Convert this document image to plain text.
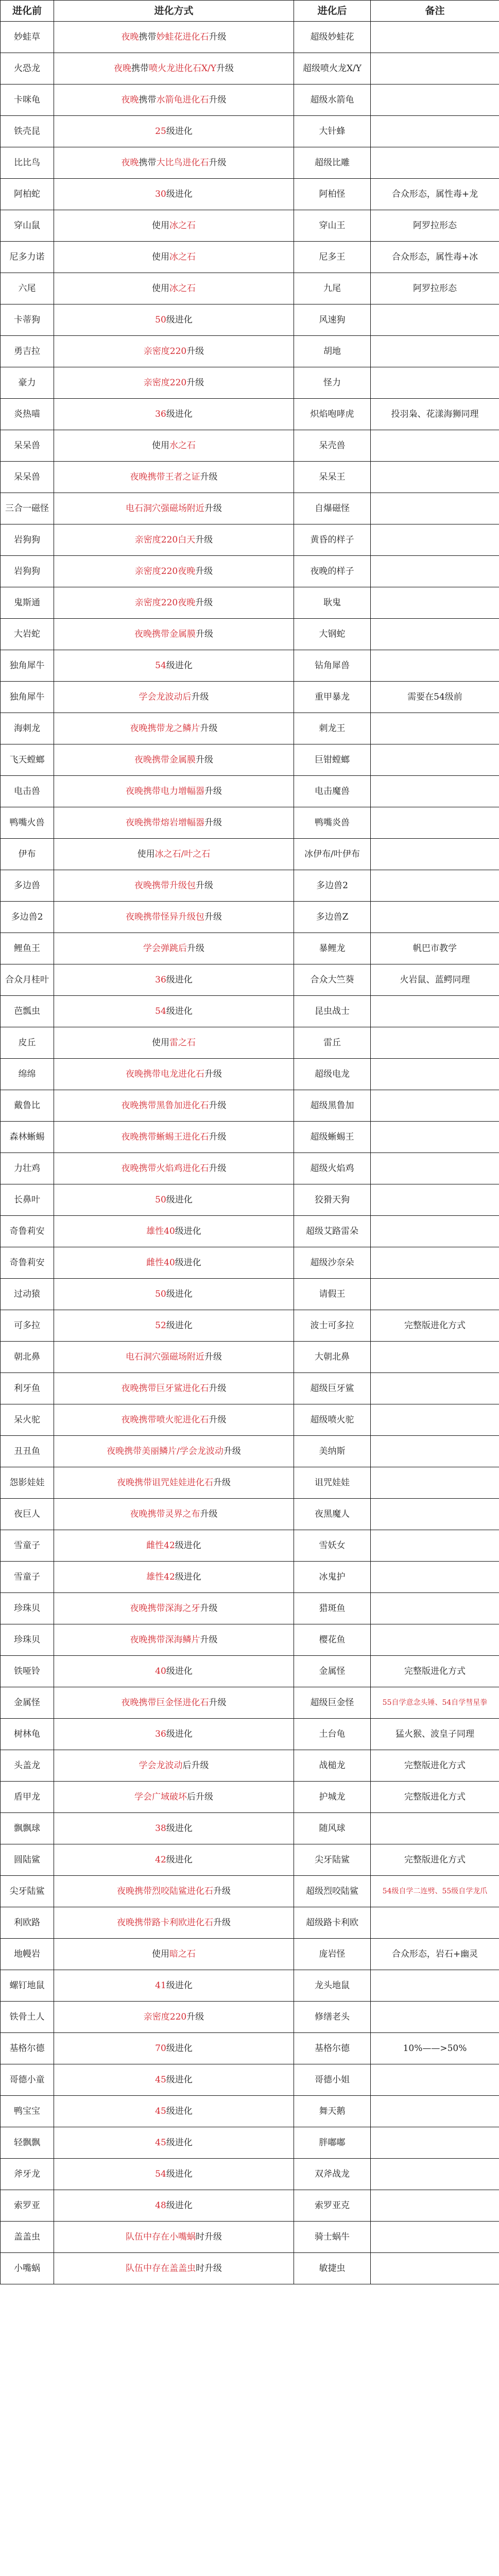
进化前	进化方式	进化后	备注
妙蛙草	夜晚携带妙蛙花进化石升级	超级妙蛙花	
火恐龙	夜晚携带喷火龙进化石X/Y升级	超级喷火龙X/Y	
卡咪龟	夜晚携带水箭龟进化石升级	超级水箭龟	
铁壳昆	25级进化	大针蜂	
比比鸟	夜晚携带大比鸟进化石升级	超级比雕	
阿柏蛇	30级进化	阿柏怪	合众形态，属性毒+龙
穿山鼠	使用冰之石	穿山王	阿罗拉形态
尼多力诺	使用冰之石	尼多王	合众形态，属性毒+冰
六尾	使用冰之石	九尾	阿罗拉形态
卡蒂狗	50级进化	风速狗	
勇吉拉	亲密度220升级	胡地	
豪力	亲密度220升级	怪力	
炎热喵	36级进化	炽焰咆哮虎	投羽枭、花漾海狮同理
呆呆兽	使用水之石	呆壳兽	
呆呆兽	夜晚携带王者之证升级	呆呆王	
三合一磁怪	电石洞穴强磁场附近升级	自爆磁怪	
岩狗狗	亲密度220白天升级	黄昏的样子	
岩狗狗	亲密度220夜晚升级	夜晚的样子	
鬼斯通	亲密度220夜晚升级	耿鬼	
大岩蛇	夜晚携带金属膜升级	大钢蛇	
独角犀牛	54级进化	钻角犀兽	
独角犀牛	学会龙波动后升级	重甲暴龙	需要在54级前
海刺龙	夜晚携带龙之鳞片升级	刺龙王	
飞天螳螂	夜晚携带金属膜升级	巨钳螳螂	
电击兽	夜晚携带电力增幅器升级	电击魔兽	
鸭嘴火兽	夜晚携带熔岩增幅器升级	鸭嘴炎兽	
伊布	使用冰之石/叶之石	冰伊布/叶伊布	
多边兽	夜晚携带升级包升级	多边兽2	
多边兽2	夜晚携带怪异升级包升级	多边兽Z	
鲤鱼王	学会弹跳后升级	暴鲤龙	帆巴市教学
合众月桂叶	36级进化	合众大竺葵	火岩鼠、蓝鳄同理
芭瓢虫	54级进化	昆虫战士	
皮丘	使用雷之石	雷丘	
绵绵	夜晚携带电龙进化石升级	超级电龙	
戴鲁比	夜晚携带黑鲁加进化石升级	超级黑鲁加	
森林蜥蜴	夜晚携带蜥蜴王进化石升级	超级蜥蜴王	
力壮鸡	夜晚携带火焰鸡进化石升级	超级火焰鸡	
长鼻叶	50级进化	狡猾天狗	
奇鲁莉安	雄性40级进化	超级艾路雷朵	
奇鲁莉安	雌性40级进化	超级沙奈朵	
过动猿	50级进化	请假王	
可多拉	52级进化	波士可多拉	完整版进化方式
朝北鼻	电石洞穴强磁场附近升级	大朝北鼻	
利牙鱼	夜晚携带巨牙鲨进化石升级	超级巨牙鲨	
呆火驼	夜晚携带喷火驼进化石升级	超级喷火驼	
丑丑鱼	夜晚携带美丽鳞片/学会龙波动升级	美纳斯	
怨影娃娃	夜晚携带诅咒娃娃进化石升级	诅咒娃娃	
夜巨人	夜晚携带灵界之布升级	夜黑魔人	
雪童子	雌性42级进化	雪妖女	
雪童子	雄性42级进化	冰鬼护	
珍珠贝	夜晚携带深海之牙升级	猎斑鱼	
珍珠贝	夜晚携带深海鳞片升级	樱花鱼	
铁哑铃	40级进化	金属怪	完整版进化方式
金属怪	夜晚携带巨金怪进化石升级	超级巨金怪	55自学意念头锤、54自学彗星拳
树林龟	36级进化	土台龟	猛火猴、波皇子同理
头盖龙	学会龙波动后升级	战槌龙	完整版进化方式
盾甲龙	学会广域破坏后升级	护城龙	完整版进化方式
飘飘球	38级进化	随风球	
圆陆鲨	42级进化	尖牙陆鲨	完整版进化方式
尖牙陆鲨	夜晚携带烈咬陆鲨进化石升级	超级烈咬陆鲨	54级自学二连劈、55级自学龙爪
利欧路	夜晚携带路卡利欧进化石升级	超级路卡利欧	
地幔岩	使用暗之石	庞岩怪	合众形态，岩石+幽灵
螺钉地鼠	41级进化	龙头地鼠	
铁骨土人	亲密度220升级	修缮老头	
基格尔德	70级进化	基格尔德	10%——>50%
哥德小童	45级进化	哥德小姐	
鸭宝宝	45级进化	舞天鹅	
轻飘飘	45级进化	胖嘟嘟	
斧牙龙	54级进化	双斧战龙	
索罗亚	48级进化	索罗亚克	
盖盖虫	队伍中存在小嘴蜗时升级	骑士蜗牛	
小嘴蜗	队伍中存在盖盖虫时升级	敏捷虫	
